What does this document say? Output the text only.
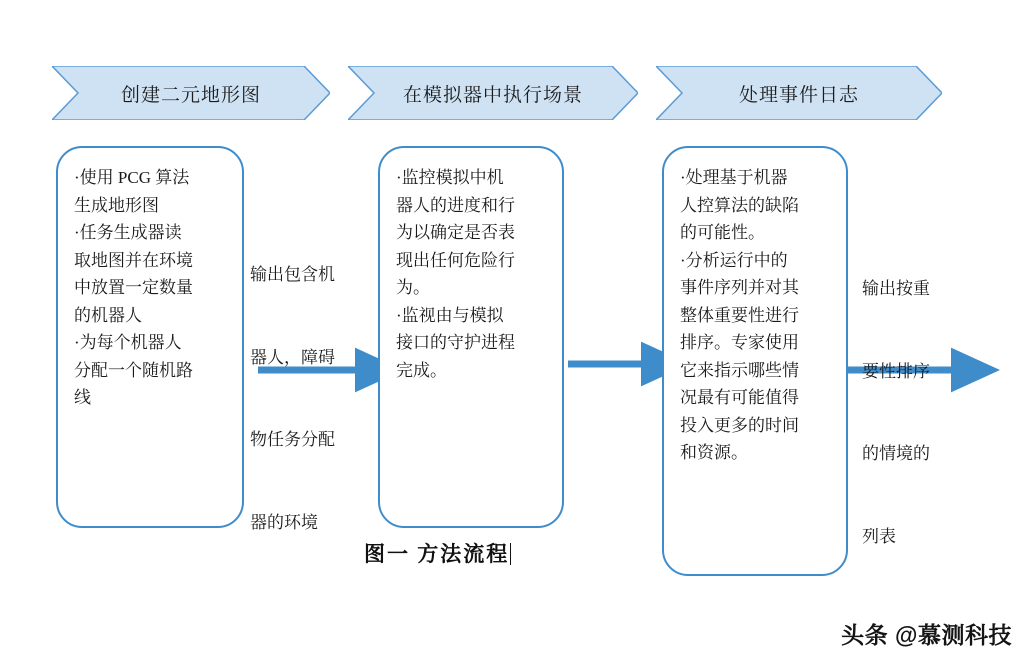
创建二元地形图	在模拟器中执行场景	处理事件日志
·使用 PCG 算法
生成地形图
·任务生成器读
取地图并在环境
中放置一定数量
的机器人
·为每个机器人
分配一个随机路
线

输出包含机

器人，障碍

物任务分配

器的环境

·监控模拟中机
器人的进度和行
为以确定是否表
现出任何危险行
为。
·监视由与模拟
接口的守护进程
完成。
·处理基于机器
人控算法的缺陷
的可能性。
·分析运行中的
事件序列并对其
整体重要性进行
排序。专家使用
它来指示哪些情
况最有可能值得
投入更多的时间
和资源。

输出按重

要性排序

的情境的

列表

图一 方法流程
头条 @慕测科技
